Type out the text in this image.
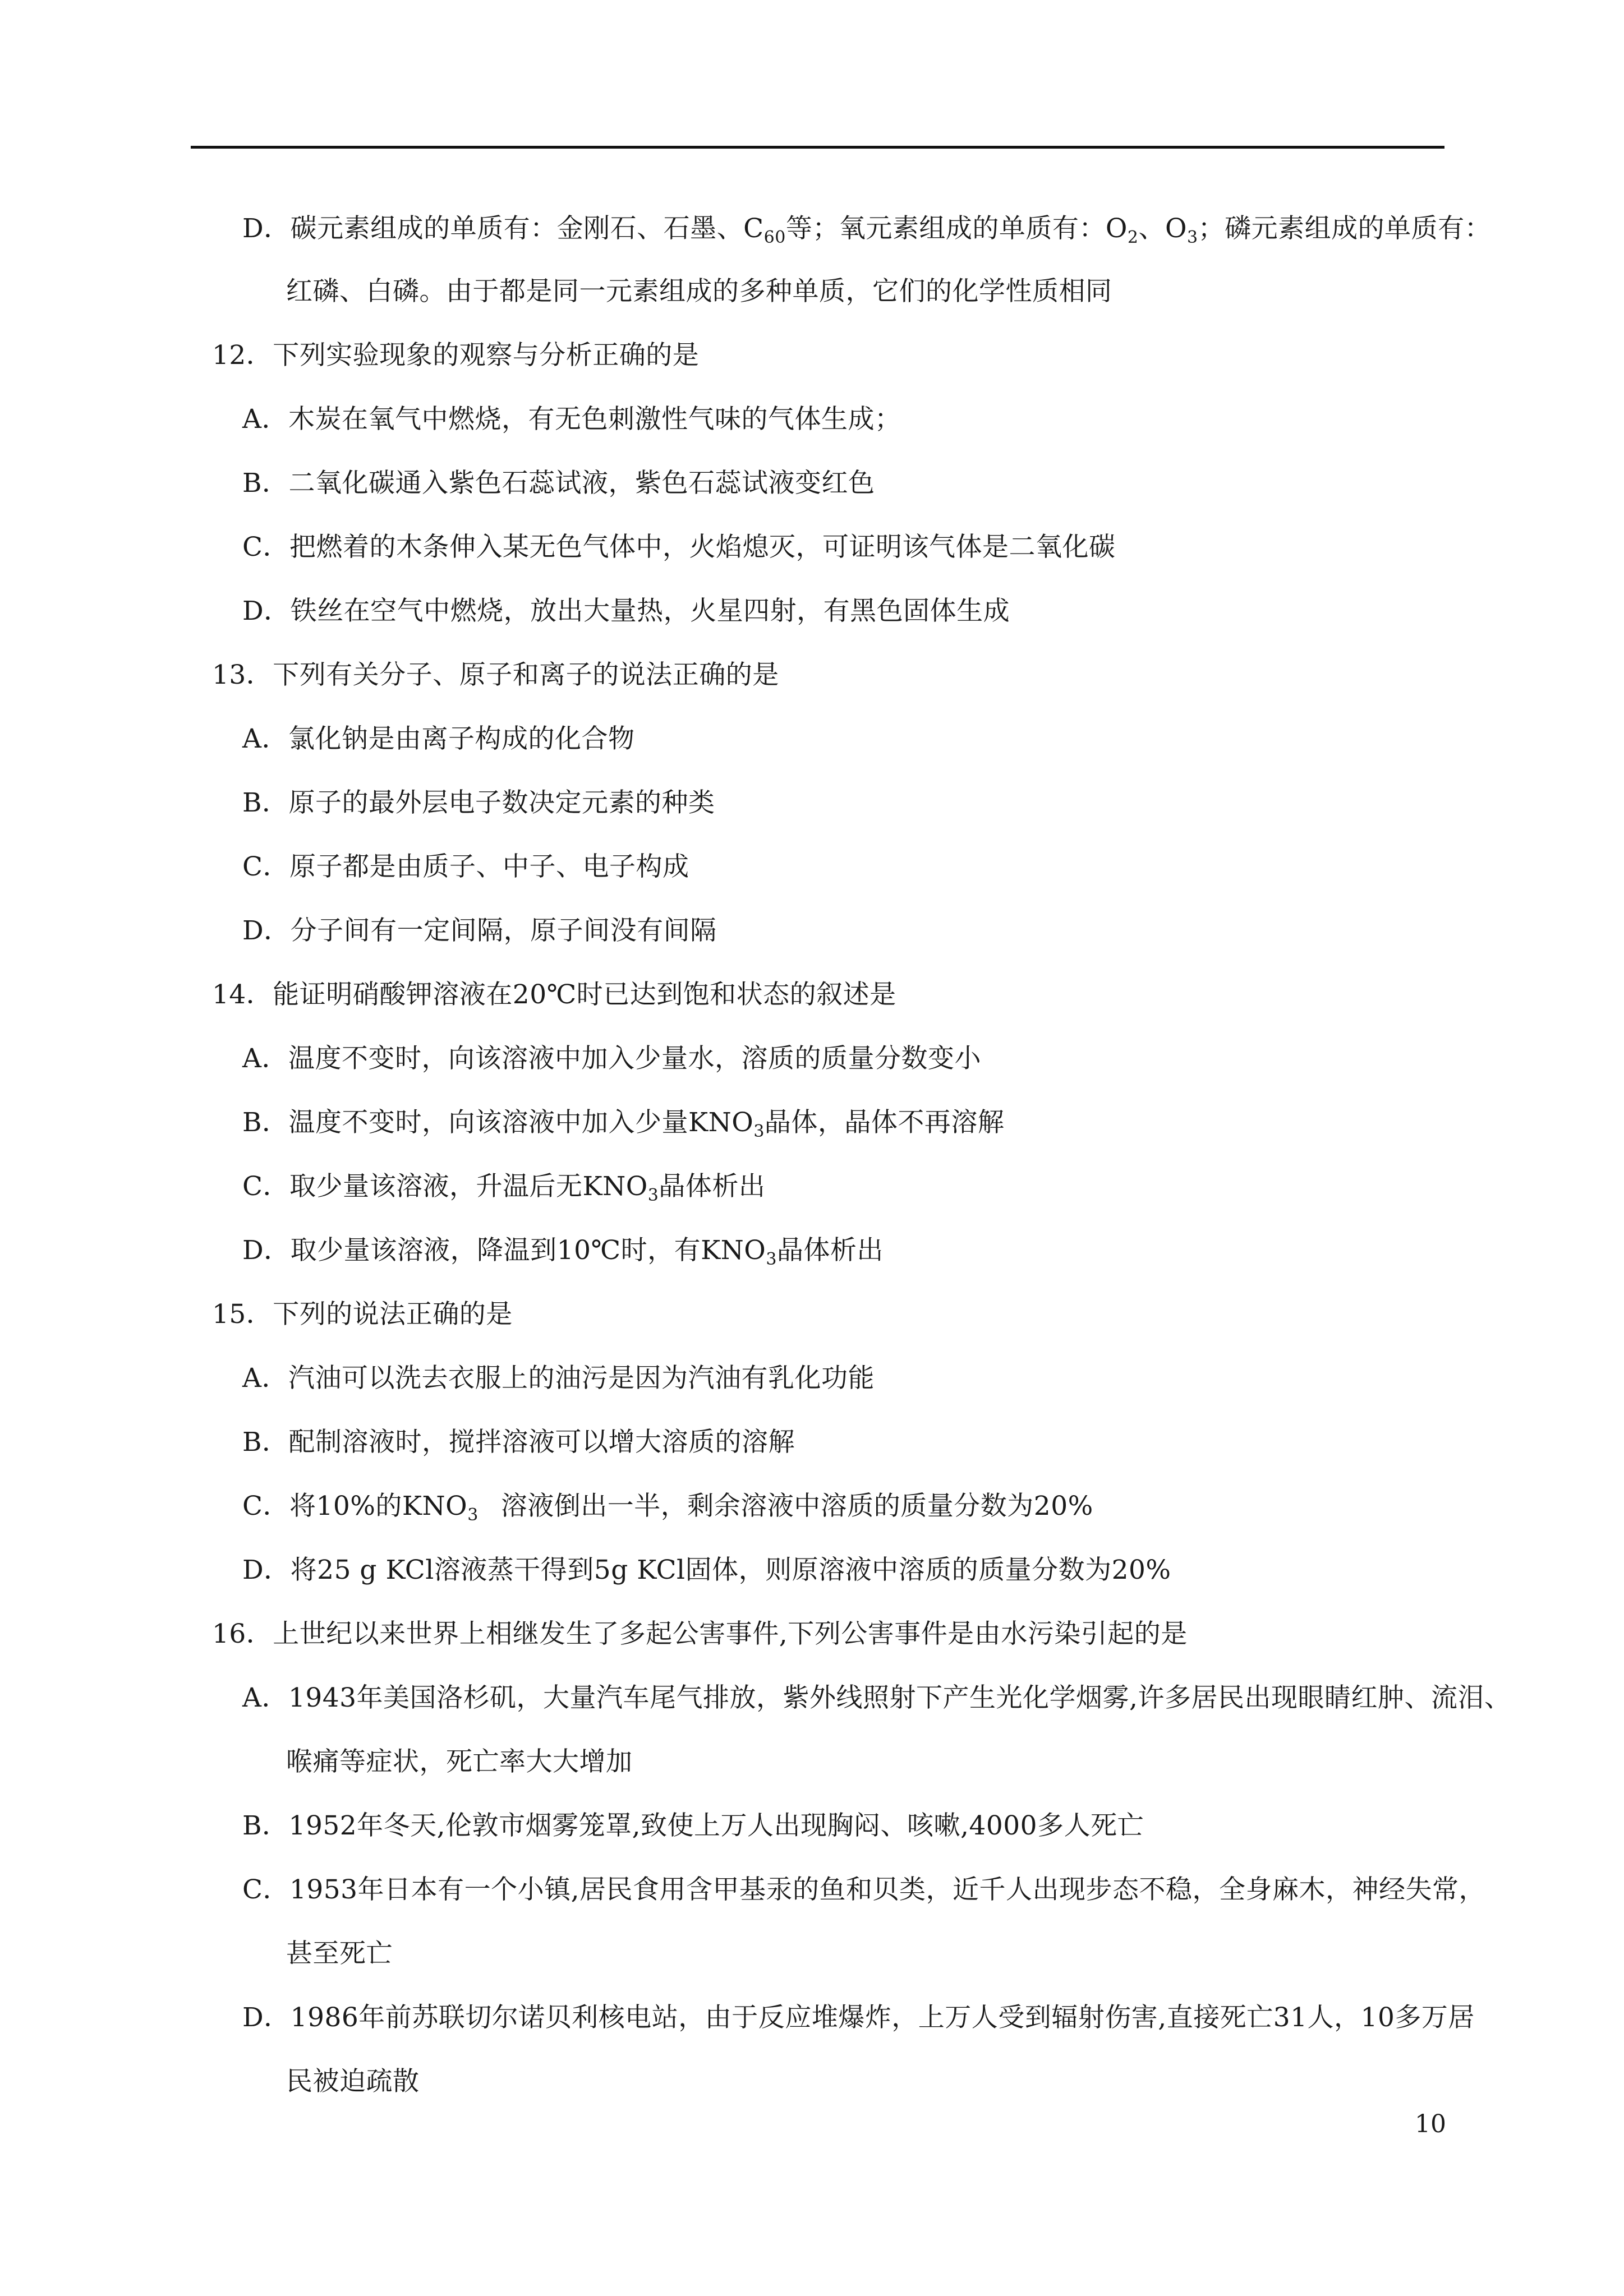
D．碳元素组成的单质有：金刚石、石墨、$C_{60}$等；氧元素组成的单质有：$O_2$、$O_3$；磷元素组成的单质有：
红磷、白磷。由于都是同一元素组成的多种单质，它们的化学性质相同
12．下列实验现象的观察与分析正确的是
A．木炭在氧气中燃烧，有无色刺激性气味的气体生成；
B．二氧化碳通入紫色石蕊试液，紫色石蕊试液变红色
C．把燃着的木条伸入某无色气体中，火焰熄灭，可证明该气体是二氧化碳
D．铁丝在空气中燃烧，放出大量热，火星四射，有黑色固体生成
13．下列有关分子、原子和离子的说法正确的是
A．氯化钠是由离子构成的化合物
B．原子的最外层电子数决定元素的种类
C．原子都是由质子、中子、电子构成
D．分子间有一定间隔，原子间没有间隔
14．能证明硝酸钾溶液在20℃时已达到饱和状态的叙述是
A．温度不变时，向该溶液中加入少量水，溶质的质量分数变小
B．温度不变时，向该溶液中加入少量$KNO_3$晶体，晶体不再溶解
C．取少量该溶液，升温后无$KNO_3$晶体析出
D．取少量该溶液，降温到10℃时，有$KNO_3$晶体析出
15．下列的说法正确的是
A．汽油可以洗去衣服上的油污是因为汽油有乳化功能
B．配制溶液时，搅拌溶液可以增大溶质的溶解
C．将10%的$KNO_3$ 溶液倒出一半，剩余溶液中溶质的质量分数为20%
D．将25 g KCl溶液蒸干得到5g KCl固体，则原溶液中溶质的质量分数为20%
16．上世纪以来世界上相继发生了多起公害事件,下列公害事件是由水污染引起的是
A．1943年美国洛杉矶，大量汽车尾气排放，紫外线照射下产生光化学烟雾,许多居民出现眼睛红肿、流泪、
喉痛等症状，死亡率大大增加
B．1952年冬天,伦敦市烟雾笼罩,致使上万人出现胸闷、咳嗽,4000多人死亡
C．1953年日本有一个小镇,居民食用含甲基汞的鱼和贝类，近千人出现步态不稳，全身麻木，神经失常，
甚至死亡
D．1986年前苏联切尔诺贝利核电站，由于反应堆爆炸，上万人受到辐射伤害,直接死亡31人，10多万居
民被迫疏散
10
